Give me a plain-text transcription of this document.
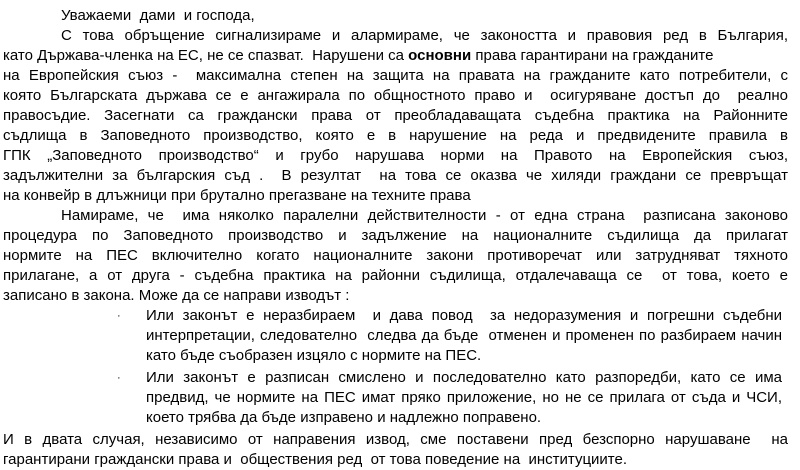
Уважаеми  дами  и господа,
С това обръщение сигнализираме и алармираме, че закоността и правовия ред в България,
като Държава-членка на ЕС, не се спазват.  Нарушени са основни права гарантирани на гражданите
на Европейския съюз -  максимална степен на защита на правата на гражданите като потребители, с
която Българската държава се е ангажирала по общностното право и  осигуряване достъп до  реално
правосъдие. Засегнати са граждански права от преобладаващата съдебна практика на Районните
съдлища в Заповедното производство, която е в нарушение на реда и предвидените правила в
ГПК „Заповедното производство“ и грубо нарушава норми на Правото на Европейския съюз,
задължителни за българския съд .  В резултат  на това се оказва че хиляди граждани се превръщат
на конвейр в длъжници при брутално прегазване на техните права
Намираме, че  има няколко паралелни действителности - от една страна  разписана законово
процедура по Заповедното производство и задължение на националните съдилища да прилагат
нормите на ПЕС включително когато националните закони противоречат или затрудняват тяхното
прилагане, а от друга - съдебна практика на районни съдилища, отдалечаваща се  от това, което е
записано в закона. Може да се направи изводът :
· Или законът е неразбираем  и дава повод  за недоразумения и погрешни съдебни
интерпретации, следователно  следва да бъде  отменен и променен по разбираем начин
като бъде съобразен изцяло с нормите на ПЕС.
· Или законът е разписан смислено и последователно като разпоредби, като се има
предвид, че нормите на ПЕС имат пряко приложение, но не се прилага от съда и ЧСИ,
което трябва да бъде изправено и надлежно поправено.
И в двата случая, независимо от направения извод, сме поставени пред безспорно нарушаване  на
гарантирани граждански права и  обществения ред  от това поведение на  институциите.
